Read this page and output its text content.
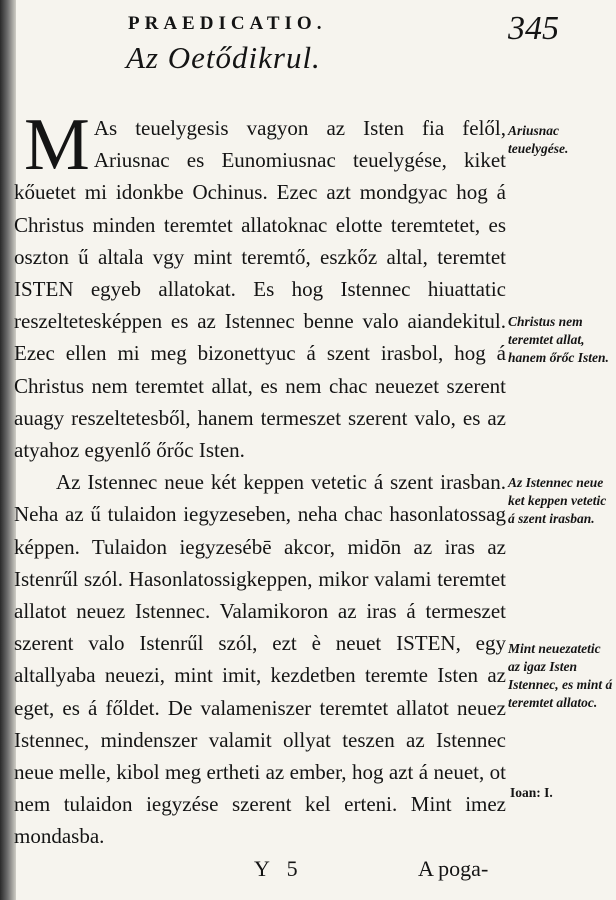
PRAEDICATIO.	345
Az Oetődikrul.

M As teuelygesis vagyon az Isten fia felől, Ariusnac es Eunomiusnac teuelygése, kiket kőuetet mi idonkbe Ochinus. Ezec azt mondgyac hog á Christus minden teremtet allatoknac elotte teremtetet, es oszton ű altala vgy mint teremtő, eszkőz altal, teremtet ISTEN egyeb allatokat. Es hog Istennec hiuattatic reszeltetesképpen es az Istennec benne valo aiandekitul. Ezec ellen mi meg bizonettyuc á szent irasbol, hog á Christus nem teremtet allat, es nem chac neuezet szerent auagy reszeltetesből, hanem termeszet szerent valo, es az atyahoz egyenlő őrőc Isten.

Az Istennec neue két keppen vetetic á szent irasban. Neha az ű tulaidon iegyzeseben, neha chac hasonlatossag képpen. Tulaidon iegyzesébē akcor, midōn az iras az Istenrűl szól. Hasonlatossigkeppen, mikor valami teremtet allatot neuez Istennec. Valamikoron az iras á termeszet szerent valo Istenrűl szól, ezt è neuet ISTEN, egy altallyaba neuezi, mint imit, kezdetben teremte Isten az eget, es á főldet. De valameniszer teremtet allatot neuez Istennec, mindenszer valamit ollyat teszen az Istennec neue melle, kibol meg ertheti az ember, hog azt á neuet, ot nem tulaidon iegyzése szerent kel erteni. Mint imez mondasba.

Ariusnac teuelygése.
Christus nem teremtet allat, hanem őrőc Isten.
Az Istennec neue ket keppen vetetic á szent irasban.
Mint neuezatetic az igaz Isten Istennec, es mint á teremtet allatoc.
Ioan: I.
Y 5	A poga-
